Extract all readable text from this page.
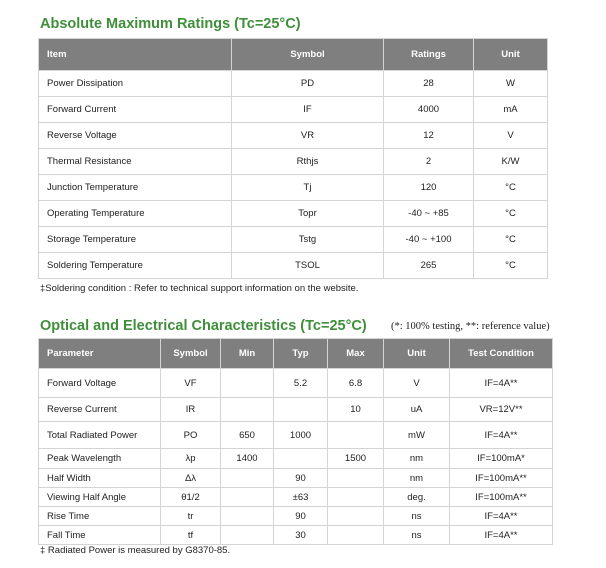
Absolute Maximum Ratings (Tc=25°C)
Item	Symbol	Ratings	Unit
Power Dissipation	PD	28	W
Forward Current	IF	4000	mA
Reverse Voltage	VR	12	V
Thermal Resistance	Rthjs	2	K/W
Junction Temperature	Tj	120	°C
Operating Temperature	Topr	-40 ~ +85	°C
Storage Temperature	Tstg	-40 ~ +100	°C
Soldering Temperature	TSOL	265	°C
‡Soldering condition : Refer to technical support information on the website.
Optical and Electrical Characteristics (Tc=25°C) (*: 100% testing, **: reference value)
Parameter	Symbol	Min	Typ	Max	Unit	Test Condition
Forward Voltage	VF		5.2	6.8	V	IF=4A**
Reverse Current	IR			10	uA	VR=12V**
Total Radiated Power	PO	650	1000		mW	IF=4A**
Peak Wavelength	λp	1400		1500	nm	IF=100mA*
Half Width	Δλ		90		nm	IF=100mA**
Viewing Half Angle	θ1/2		±63		deg.	IF=100mA**
Rise Time	tr		90		ns	IF=4A**
Fall Time	tf		30		ns	IF=4A**
‡ Radiated Power is measured by G8370-85.
